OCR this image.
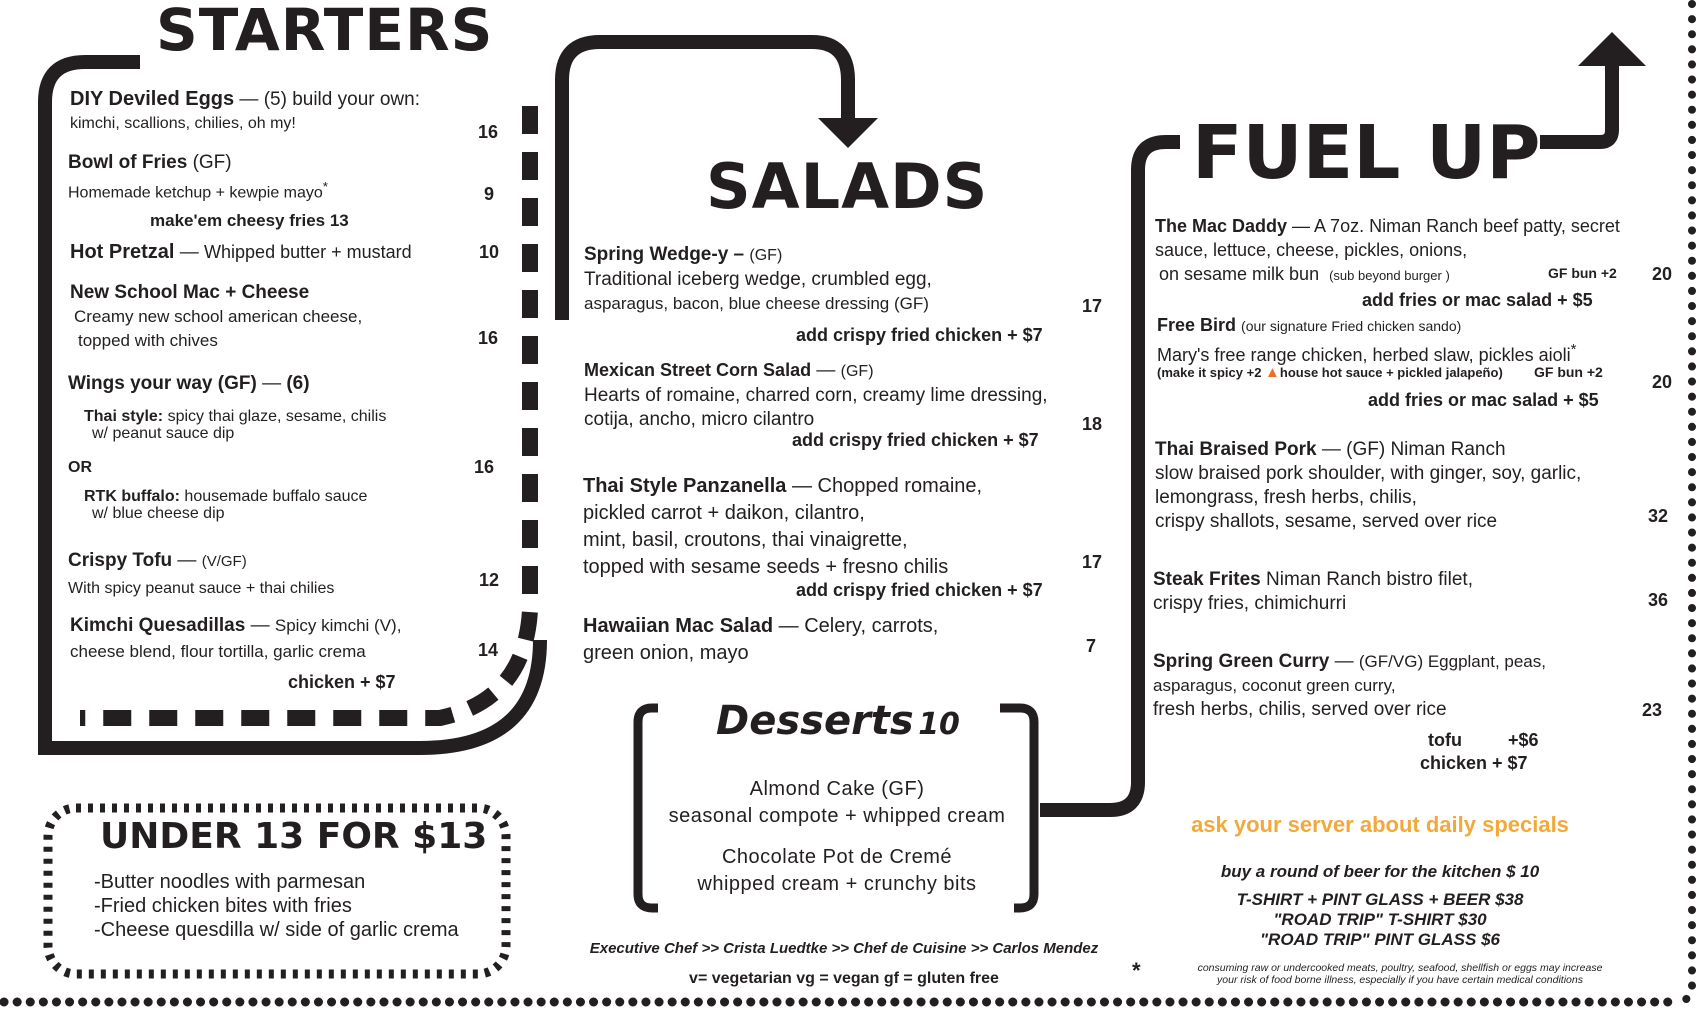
STARTERS
SALADS	FUEL UP
UNDER 13 FOR $13
DIY Deviled Eggs — (5) build your own:
kimchi, scallions, chilies, oh my!	16
Bowl of Fries (GF)
Homemade ketchup + kewpie mayo*	9
make'em cheesy fries 13
Hot Pretzal — Whipped butter + mustard	10
New School Mac + Cheese
Creamy new school american cheese,
topped with chives	16
Wings your way (GF) — (6)
Thai style: spicy thai glaze, sesame, chilis
w/ peanut sauce dip
OR	16
RTK buffalo: housemade buffalo sauce
w/ blue cheese dip
Crispy Tofu — (V/GF)
With spicy peanut sauce + thai chilies	12
Kimchi Quesadillas — Spicy kimchi (V),
cheese blend, flour tortilla, garlic crema	14
chicken + $7
Spring Wedge-y – (GF)
Traditional iceberg wedge, crumbled egg,
asparagus, bacon, blue cheese dressing (GF)	17
add crispy fried chicken + $7
Mexican Street Corn Salad — (GF)
Hearts of romaine, charred corn, creamy lime dressing,
cotija, ancho, micro cilantro	18
add crispy fried chicken + $7
Thai Style Panzanella — Chopped romaine,
pickled carrot + daikon, cilantro,
mint, basil, croutons, thai vinaigrette,
topped with sesame seeds + fresno chilis	17
add crispy fried chicken + $7
Hawaiian Mac Salad — Celery, carrots,
green onion, mayo	7
Desserts 10
Almond Cake (GF)
seasonal compote + whipped cream
Chocolate Pot de Cremé
whipped cream + crunchy bits
The Mac Daddy — A 7oz. Niman Ranch beef patty, secret
sauce, lettuce, cheese, pickles, onions,
on sesame milk bun (sub beyond burger )	GF bun +2 20
add fries or mac salad + $5
Free Bird (our signature Fried chicken sando)
Mary's free range chicken, herbed slaw, pickles aioli*
(make it spicy +2 ▲house hot sauce + pickled jalapeño) GF bun +2	20
add fries or mac salad + $5
Thai Braised Pork — (GF) Niman Ranch
slow braised pork shoulder, with ginger, soy, garlic,
lemongrass, fresh herbs, chilis,
crispy shallots, sesame, served over rice	32
Steak Frites Niman Ranch bistro filet,
crispy fries, chimichurri	36
Spring Green Curry — (GF/VG) Eggplant, peas,
asparagus, coconut green curry,
fresh herbs, chilis, served over rice	23
tofu	+$6
chicken + $7
ask your server about daily specials
buy a round of beer for the kitchen $ 10
T-SHIRT + PINT GLASS + BEER $38
"ROAD TRIP" T-SHIRT $30
"ROAD TRIP" PINT GLASS $6
-Butter noodles with parmesan
-Fried chicken bites with fries
-Cheese quesdilla w/ side of garlic crema
Executive Chef >> Crista Luedtke >> Chef de Cuisine >> Carlos Mendez
v= vegetarian vg = vegan gf = gluten free	*	consuming raw or undercooked meats, poultry, seafood, shellfish or eggs may increase
your risk of food borne illness, especially if you have certain medical conditions
